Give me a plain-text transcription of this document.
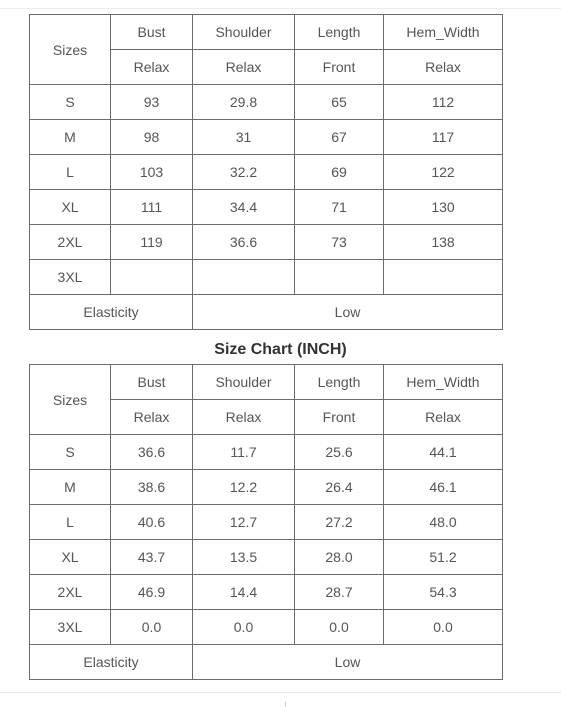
Sizes	Bust	Shoulder	Length	Hem_Width
	Relax	Relax	Front	Relax
S	93	29.8	65	112
M	98	31	67	117
L	103	32.2	69	122
XL	111	34.4	71	130
2XL	119	36.6	73	138
3XL				
Elasticity		Low		
Size Chart (INCH)
Sizes	Bust	Shoulder	Length	Hem_Width
	Relax	Relax	Front	Relax
S	36.6	11.7	25.6	44.1
M	38.6	12.2	26.4	46.1
L	40.6	12.7	27.2	48.0
XL	43.7	13.5	28.0	51.2
2XL	46.9	14.4	28.7	54.3
3XL	0.0	0.0	0.0	0.0
Elasticity		Low		
